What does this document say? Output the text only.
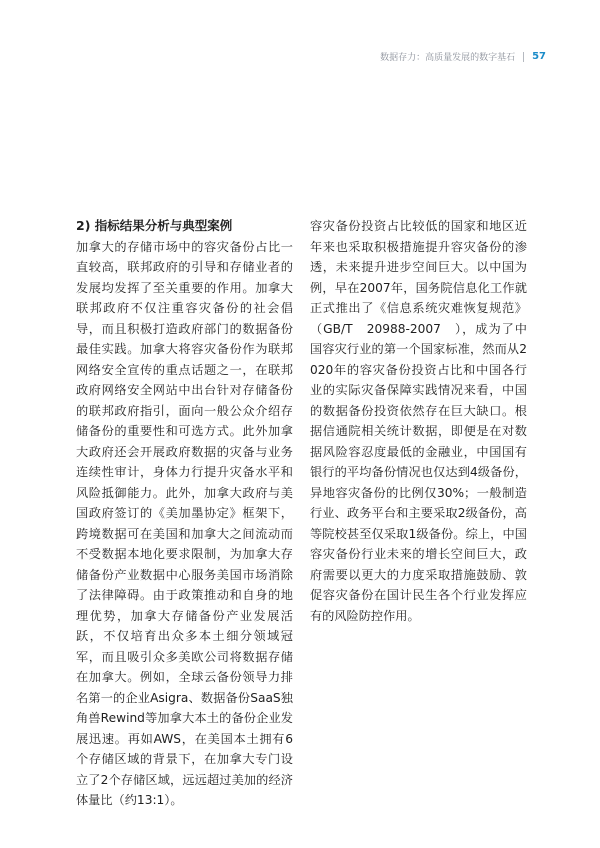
数据存力：高质量发展的数字基石 57
2) 指标结果分析与典型案例

加拿大的存储市场中的容灾备份占比一直较高，联邦政府的引导和存储业者的发展均发挥了至关重要的作用。加拿大联邦政府不仅注重容灾备份的社会倡导，而且积极打造政府部门的数据备份最佳实践。加拿大将容灾备份作为联邦网络安全宣传的重点话题之一，在联邦政府网络安全网站中出台针对存储备份的联邦政府指引，面向一般公众介绍存储备份的重要性和可选方式。此外加拿大政府还会开展政府数据的灾备与业务连续性审计，身体力行提升灾备水平和风险抵御能力。此外，加拿大政府与美国政府签订的《美加墨协定》框架下，跨境数据可在美国和加拿大之间流动而不受数据本地化要求限制，为加拿大存储备份产业数据中心服务美国市场消除了法律障碍。由于政策推动和自身的地理优势，加拿大存储备份产业发展活跃，不仅培育出众多本土细分领域冠军，而且吸引众多美欧公司将数据存储在加拿大。例如，全球云备份领导力排名第一的企业Asigra、数据备份SaaS独角兽Rewind等加拿大本土的备份企业发展迅速。再如AWS，在美国本土拥有6个存储区域的背景下，在加拿大专门设立了2个存储区域，远远超过美加的经济体量比（约13:1）。

容灾备份投资占比较低的国家和地区近年来也采取积极措施提升容灾备份的渗透，未来提升进步空间巨大。以中国为例，早在2007年，国务院信息化工作就正式推出了《信息系统灾难恢复规范》（GB/T　20988-2007　），成为了中国容灾行业的第一个国家标准，然而从2020年的容灾备份投资占比和中国各行业的实际灾备保障实践情况来看，中国的数据备份投资依然存在巨大缺口。根据信通院相关统计数据，即便是在对数据风险容忍度最低的金融业，中国国有银行的平均备份情况也仅达到4级备份，异地容灾备份的比例仅30%；一般制造行业、政务平台和主要采取2级备份，高等院校甚至仅采取1级备份。综上，中国容灾备份行业未来的增长空间巨大，政府需要以更大的力度采取措施鼓励、敦促容灾备份在国计民生各个行业发挥应有的风险防控作用。
